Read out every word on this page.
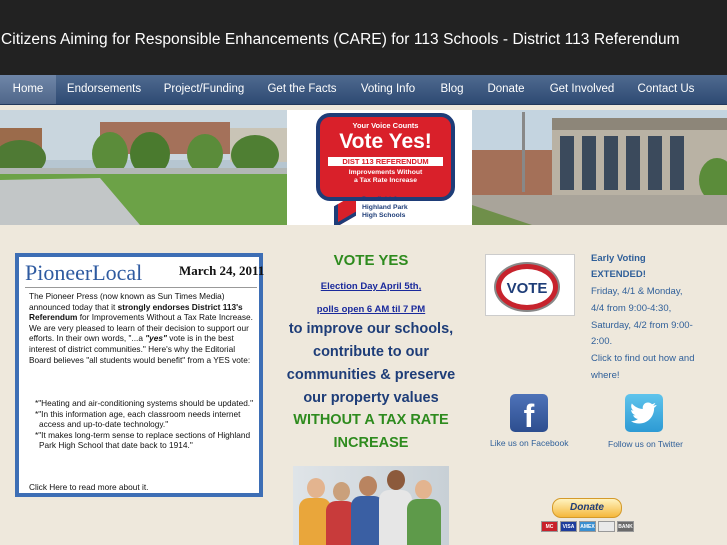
Citizens Aiming for Responsible Enhancements (CARE) for 113 Schools - District 113 Referendum
Home	Endorsements	Project/Funding	Get the Facts	Voting Info	Blog	Donate	Get Involved	Contact Us
Your Voice Counts
Vote Yes!
DIST 113 REFERENDUM
Improvements Without
a Tax Rate Increase
Deerfield &
Highland Park
High Schools
PioneerLocal	March 24, 2011

The Pioneer Press (now known as Sun Times Media) announced today that it strongly endorses District 113's Referendum for Improvements Without a Tax Rate Increase. We are very pleased to learn of their decision to support our efforts. In their own words, "...a "yes" vote is in the best interest of district communities." Here's why the Editorial Board believes "all students would benefit" from a YES vote:

*"Heating and air-conditioning systems should be updated."

*"In this information age, each classroom needs internet access and up-to-date technology."

*"It makes long-term sense to replace sections of Highland Park High School that date back to 1914."

Click Here to read more about it.
VOTE YES
Election Day April 5th,
polls open 6 AM til 7 PM
to improve our schools,
contribute to our
communities & preserve
our property values
WITHOUT A TAX RATE
INCREASE
VOTE
Early Voting
EXTENDED!
Friday, 4/1 & Monday,
4/4 from 9:00-4:30,
Saturday, 4/2 from 9:00-
2:00.
Click to find out how and
where!
f
Like us on Facebook	Follow us on Twitter
Donate
MC	VISA	AMEX	BANK
